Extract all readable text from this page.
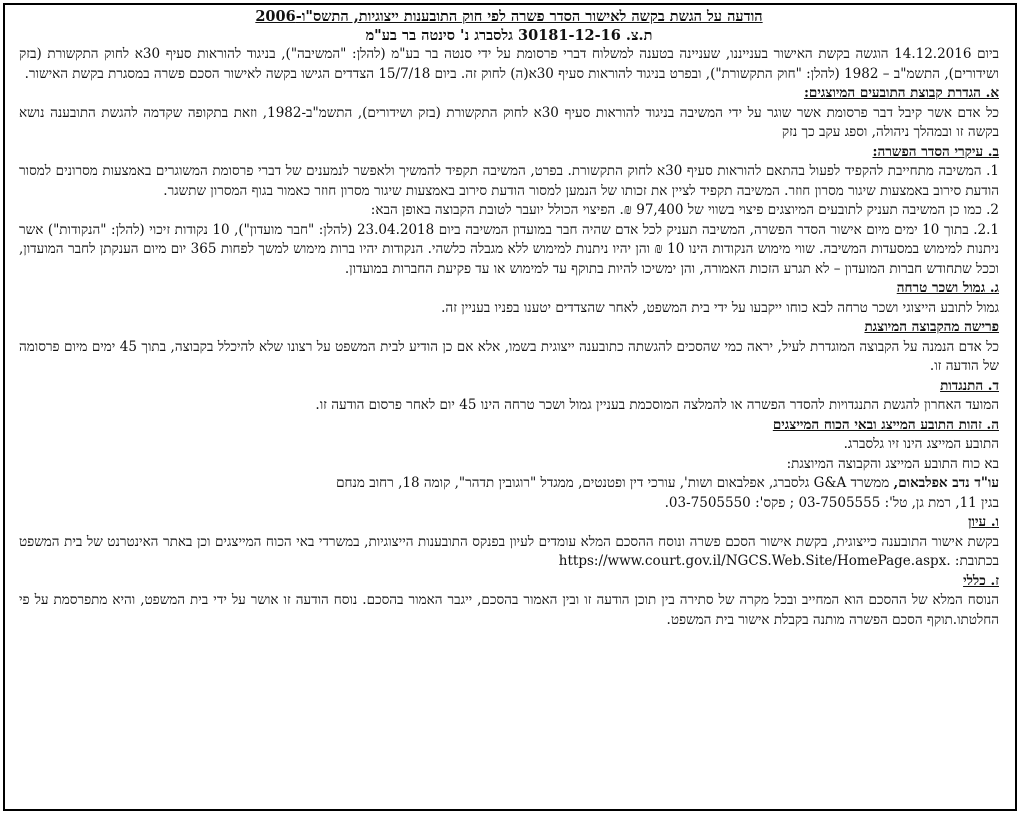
הודעה על הגשת בקשה לאישור הסדר פשרה לפי חוק התובענות ייצוגיות, התשס"ו-2006
ת.צ. 30181-12-16 גלסברג נ' סינטה בר בע"מ

ביום 14.12.2016 הוגשה בקשת האישור בענייננו, שעניינה בטענה למשלוח דברי פרסומת על ידי סנטה בר בע"מ (להלן: "המשיבה"), בניגוד להוראות סעיף 30א לחוק התקשורת (בזק ושידורים), התשמ"ב – 1982 (להלן: "חוק התקשורת"), ובפרט בניגוד להוראות סעיף 30א(ה) לחוק זה. ביום 15/7/18 הצדדים הגישו בקשה לאישור הסכם פשרה במסגרת בקשת האישור.

א. הגדרת קבוצת התובעים המיוצגים:

כל אדם אשר קיבל דבר פרסומת אשר שוגר על ידי המשיבה בניגוד להוראות סעיף 30א לחוק התקשורת (בזק ושידורים), התשמ"ב-1982, וזאת בתקופה שקדמה להגשת התובענה נושא בקשה זו ובמהלך ניהולה, וספג עקב כך נזק

ב. עיקרי הסדר הפשרה:

1. המשיבה מתחייבת להקפיד לפעול בהתאם להוראות סעיף 30א לחוק התקשורת. בפרט, המשיבה תקפיד להמשיך ולאפשר לנמענים של דברי פרסומת המשוגרים באמצעות מסרונים למסור הודעת סירוב באמצעות שיגור מסרון חוזר. המשיבה תקפיד לציין את זכותו של הנמען למסור הודעת סירוב באמצעות שיגור מסרון חוזר כאמור בגוף המסרון שתשגר.

2. כמו כן המשיבה תעניק לתובעים המיוצגים פיצוי בשווי של 97,400 ₪. הפיצוי הכולל יועבר לטובת הקבוצה באופן הבא:

2.1. בתוך 10 ימים מיום אישור הסדר הפשרה, המשיבה תעניק לכל אדם שהיה חבר במועדון המשיבה ביום 23.04.2018 (להלן: "חבר מועדון"), 10 נקודות זיכוי (להלן: "הנקודות") אשר ניתנות למימוש במסעדות המשיבה. שווי מימוש הנקודות הינו 10 ₪ והן יהיו ניתנות למימוש ללא מגבלה כלשהי. הנקודות יהיו ברות מימוש למשך לפחות 365 יום מיום הענקתן לחבר המועדון, וככל שתחודש חברות המועדון – לא תגרע הזכות האמורה, והן ימשיכו להיות בתוקף עד למימוש או עד פקיעת החברות במועדון.

ג. גמול ושכר טרחה

גמול לתובע הייצוגי ושכר טרחה לבא כוחו ייקבעו על ידי בית המשפט, לאחר שהצדדים יטענו בפניו בעניין זה.

פרישה מהקבוצה המיוצגת

כל אדם הנמנה על הקבוצה המוגדרת לעיל, יראה כמי שהסכים להגשתה כתובענה ייצוגית בשמו, אלא אם כן הודיע לבית המשפט על רצונו שלא להיכלל בקבוצה, בתוך 45 ימים מיום פרסומה של הודעה זו.

ד. התנגדות

המועד האחרון להגשת התנגדויות להסדר הפשרה או להמלצה המוסכמת בעניין גמול ושכר טרחה הינו 45 יום לאחר פרסום הודעה זו.

ה. זהות התובע המייצג ובאי הכוח המייצגים

התובע המייצג הינו זיו גלסברג.

בא כוח התובע המייצג והקבוצה המיוצגת:

עו"ד נדב אפלבאום, ממשרד G&A גלסברג, אפלבאום ושות', עורכי דין ופטנטים, ממגדל "רוגובין תדהר", קומה 18, רחוב מנחם

בגין 11, רמת גן, טל': 03-7505555 ; פקס': 03-7505550.

ו. עיון

בקשת אישור התובענה כייצוגית, בקשת אישור הסכם פשרה ונוסח ההסכם המלא עומדים לעיון בפנקס התובענות הייצוגיות, במשרדי באי הכוח המייצגים וכן באתר האינטרנט של בית המשפט בכתובת: https://www.court.gov.il/NGCS.Web.Site/HomePage.aspx.

ז. כללי

הנוסח המלא של ההסכם הוא המחייב ובכל מקרה של סתירה בין תוכן הודעה זו ובין האמור בהסכם, ייגבר האמור בהסכם. נוסח הודעה זו אושר על ידי בית המשפט, והיא מתפרסמת על פי החלטתו.תוקף הסכם הפשרה מותנה בקבלת אישור בית המשפט.
